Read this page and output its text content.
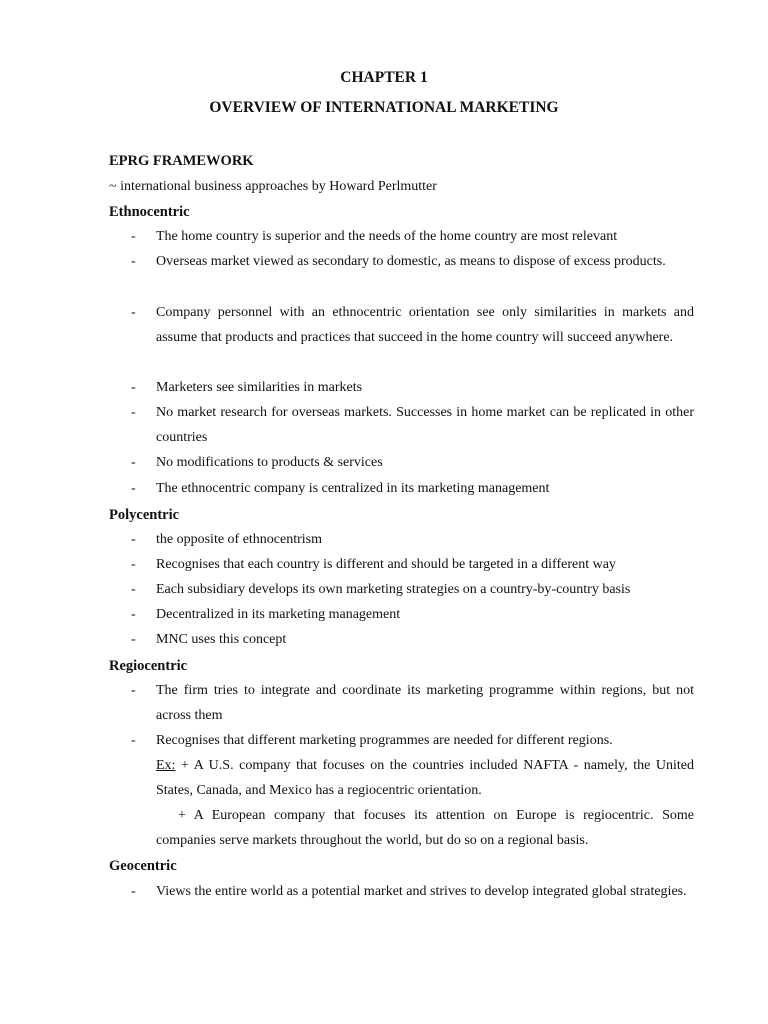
CHAPTER 1
OVERVIEW OF INTERNATIONAL MARKETING
EPRG FRAMEWORK
~ international business approaches by Howard Perlmutter
Ethnocentric
- The home country is superior and the needs of the home country are most relevant
- Overseas market viewed as secondary to domestic, as means to dispose of excess products.
- Company personnel with an ethnocentric orientation see only similarities in markets and assume that products and practices that succeed in the home country will succeed anywhere.
- Marketers see similarities in markets
- No market research for overseas markets. Successes in home market can be replicated in other countries
- No modifications to products & services
- The ethnocentric company is centralized in its marketing management
Polycentric
- the opposite of ethnocentrism
- Recognises that each country is different and should be targeted in a different way
- Each subsidiary develops its own marketing strategies on a country-by-country basis
- Decentralized in its marketing management
- MNC uses this concept
Regiocentric
- The firm tries to integrate and coordinate its marketing programme within regions, but not across them
- Recognises that different marketing programmes are needed for different regions.
Ex: + A U.S. company that focuses on the countries included NAFTA - namely, the United States, Canada, and Mexico has a regiocentric orientation.
+ A European company that focuses its attention on Europe is regiocentric. Some companies serve markets throughout the world, but do so on a regional basis.
Geocentric
- Views the entire world as a potential market and strives to develop integrated global strategies.
